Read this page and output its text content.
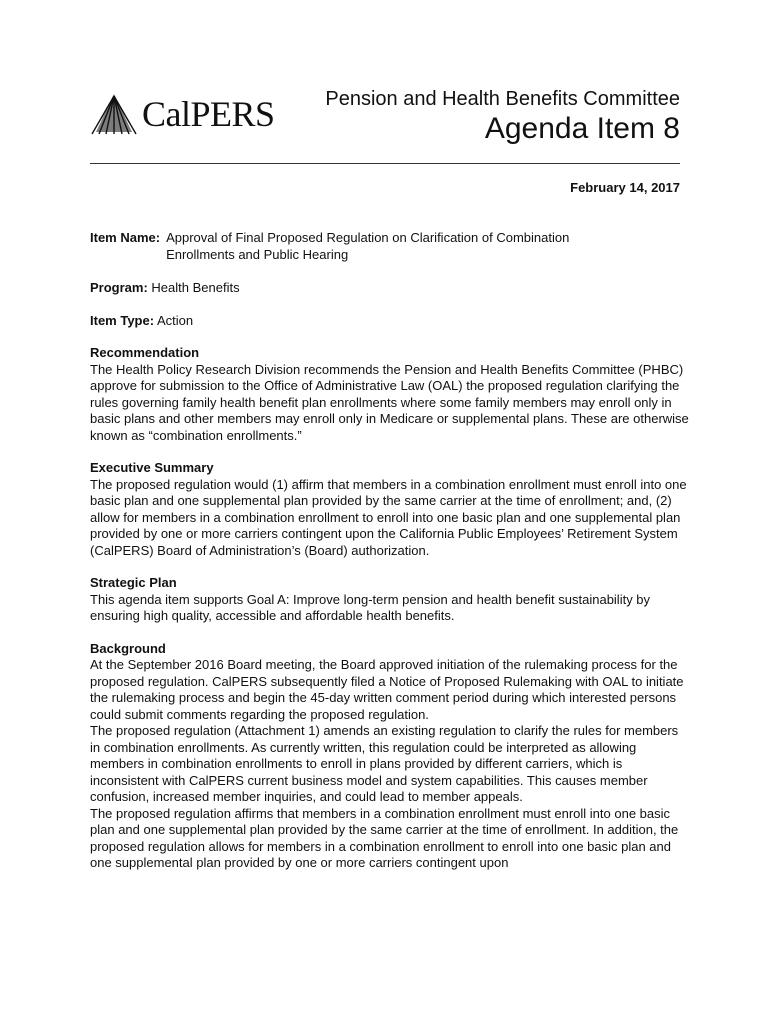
CalPERS	Pension and Health Benefits Committee
Agenda Item 8
February 14, 2017
Item Name: Approval of Final Proposed Regulation on Clarification of Combination Enrollments and Public Hearing
Program: Health Benefits
Item Type: Action
Recommendation

The Health Policy Research Division recommends the Pension and Health Benefits Committee (PHBC) approve for submission to the Office of Administrative Law (OAL) the proposed regulation clarifying the rules governing family health benefit plan enrollments where some family members may enroll only in basic plans and other members may enroll only in Medicare or supplemental plans. These are otherwise known as “combination enrollments.”

Executive Summary

The proposed regulation would (1) affirm that members in a combination enrollment must enroll into one basic plan and one supplemental plan provided by the same carrier at the time of enrollment; and, (2) allow for members in a combination enrollment to enroll into one basic plan and one supplemental plan provided by one or more carriers contingent upon the California Public Employees’ Retirement System (CalPERS) Board of Administration’s (Board) authorization.

Strategic Plan

This agenda item supports Goal A: Improve long-term pension and health benefit sustainability by ensuring high quality, accessible and affordable health benefits.

Background

At the September 2016 Board meeting, the Board approved initiation of the rulemaking process for the proposed regulation. CalPERS subsequently filed a Notice of Proposed Rulemaking with OAL to initiate the rulemaking process and begin the 45-day written comment period during which interested persons could submit comments regarding the proposed regulation.

The proposed regulation (Attachment 1) amends an existing regulation to clarify the rules for members in combination enrollments. As currently written, this regulation could be interpreted as allowing members in combination enrollments to enroll in plans provided by different carriers, which is inconsistent with CalPERS current business model and system capabilities. This causes member confusion, increased member inquiries, and could lead to member appeals.

The proposed regulation affirms that members in a combination enrollment must enroll into one basic plan and one supplemental plan provided by the same carrier at the time of enrollment. In addition, the proposed regulation allows for members in a combination enrollment to enroll into one basic plan and one supplemental plan provided by one or more carriers contingent upon
